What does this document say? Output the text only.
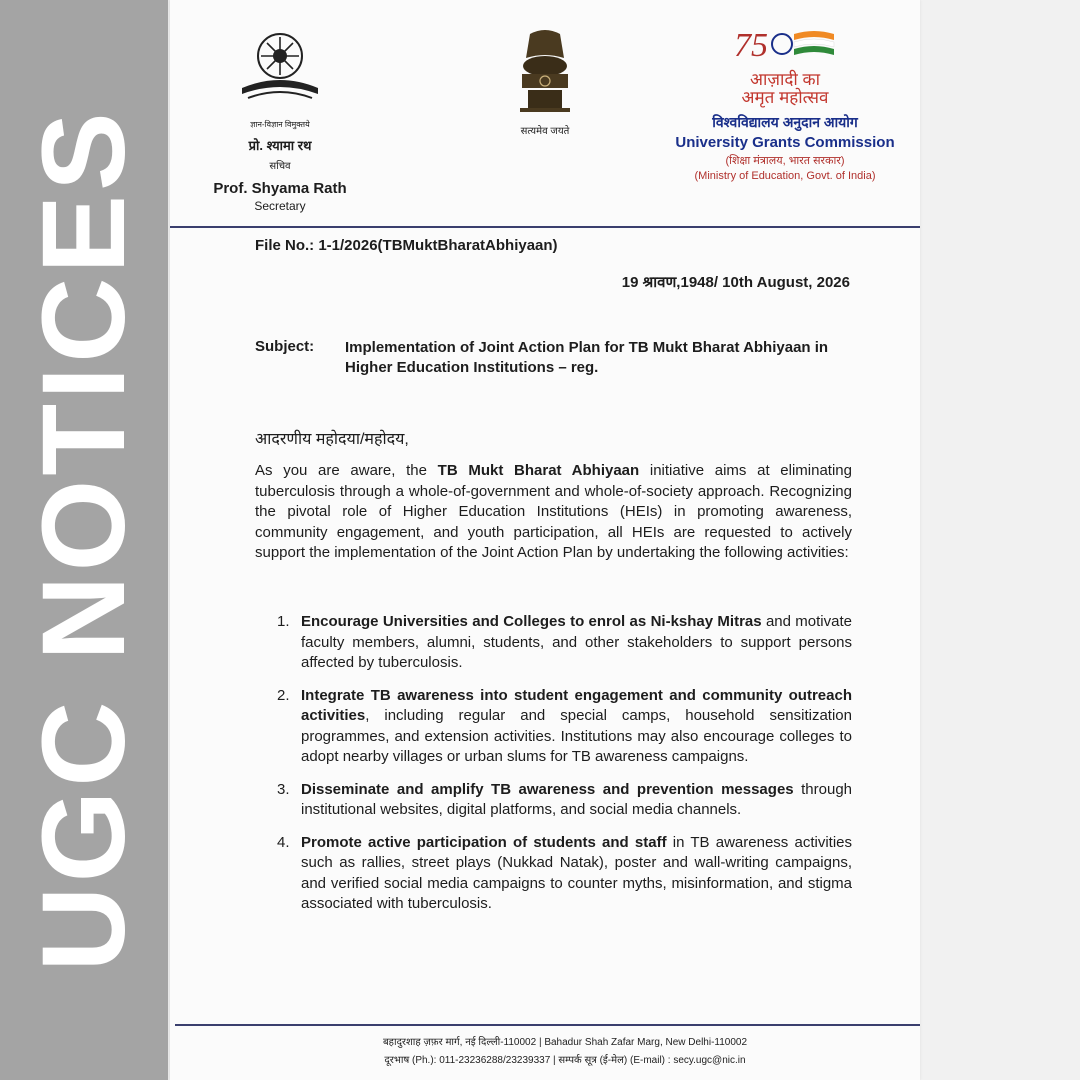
UGC NOTICES	ज्ञान-विज्ञान विमुक्तये
प्रो. श्यामा रथ
सचिव
Prof. Shyama Rath
Secretary
सत्यमेव जयते
75
आज़ादी का
अमृत महोत्सव
विश्वविद्यालय अनुदान आयोग
University Grants Commission
(शिक्षा मंत्रालय, भारत सरकार)
(Ministry of Education, Govt. of India)
File No.: 1-1/2026(TBMuktBharatAbhiyaan)
19 श्रावण,1948/ 10th August, 2026
Subject:	Implementation of Joint Action Plan for TB Mukt Bharat Abhiyaan in Higher Education Institutions – reg.
आदरणीय महोदया/महोदय,
As you are aware, the TB Mukt Bharat Abhiyaan initiative aims at eliminating tuberculosis through a whole-of-government and whole-of-society approach. Recognizing the pivotal role of Higher Education Institutions (HEIs) in promoting awareness, community engagement, and youth participation, all HEIs are requested to actively support the implementation of the Joint Action Plan by undertaking the following activities:
1. Encourage Universities and Colleges to enrol as Ni-kshay Mitras and motivate faculty members, alumni, students, and other stakeholders to support persons affected by tuberculosis.
2. Integrate TB awareness into student engagement and community outreach activities, including regular and special camps, household sensitization programmes, and extension activities. Institutions may also encourage colleges to adopt nearby villages or urban slums for TB awareness campaigns.
3. Disseminate and amplify TB awareness and prevention messages through institutional websites, digital platforms, and social media channels.
4. Promote active participation of students and staff in TB awareness activities such as rallies, street plays (Nukkad Natak), poster and wall-writing campaigns, and verified social media campaigns to counter myths, misinformation, and stigma associated with tuberculosis.
बहादुरशाह ज़फ़र मार्ग, नई दिल्ली-110002 | Bahadur Shah Zafar Marg, New Delhi-110002
दूरभाष (Ph.): 011-23236288/23239337 | सम्पर्क सूत्र (ई-मेल) (E-mail) : secy.ugc@nic.in
